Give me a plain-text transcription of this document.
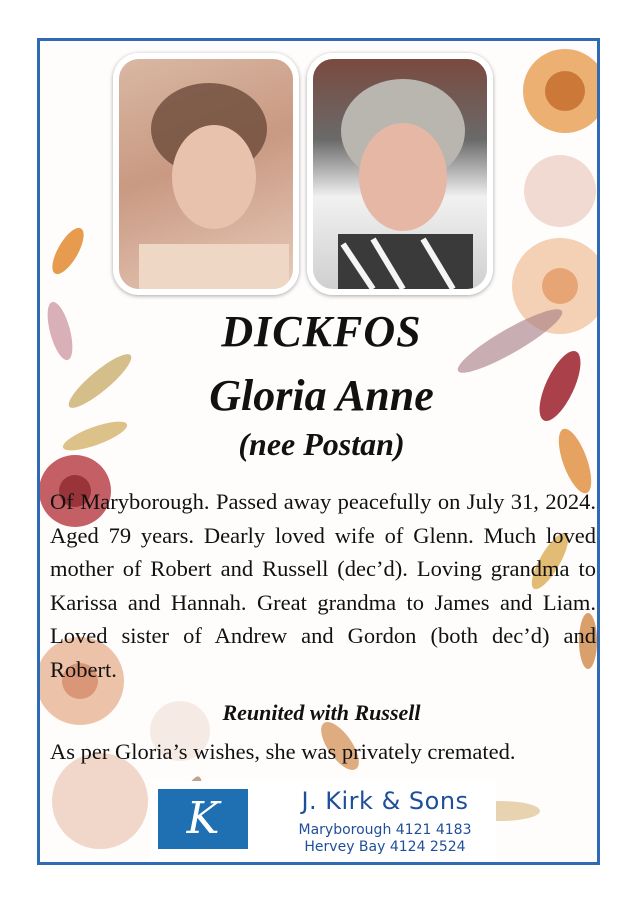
DICKFOS
Gloria Anne
(nee Postan)
Of Maryborough. Passed away peacefully on July 31, 2024. Aged 79 years. Dearly loved wife of Glenn. Much loved mother of Robert and Russell (dec’d). Loving grandma to Karissa and Hannah. Great grandma to James and Liam. Loved sister of Andrew and Gordon (both dec’d) and Robert.
Reunited with Russell
As per Gloria’s wishes, she was privately cremated.
K	J. Kirk & Sons
Maryborough 4121 4183
Hervey Bay 4124 2524
